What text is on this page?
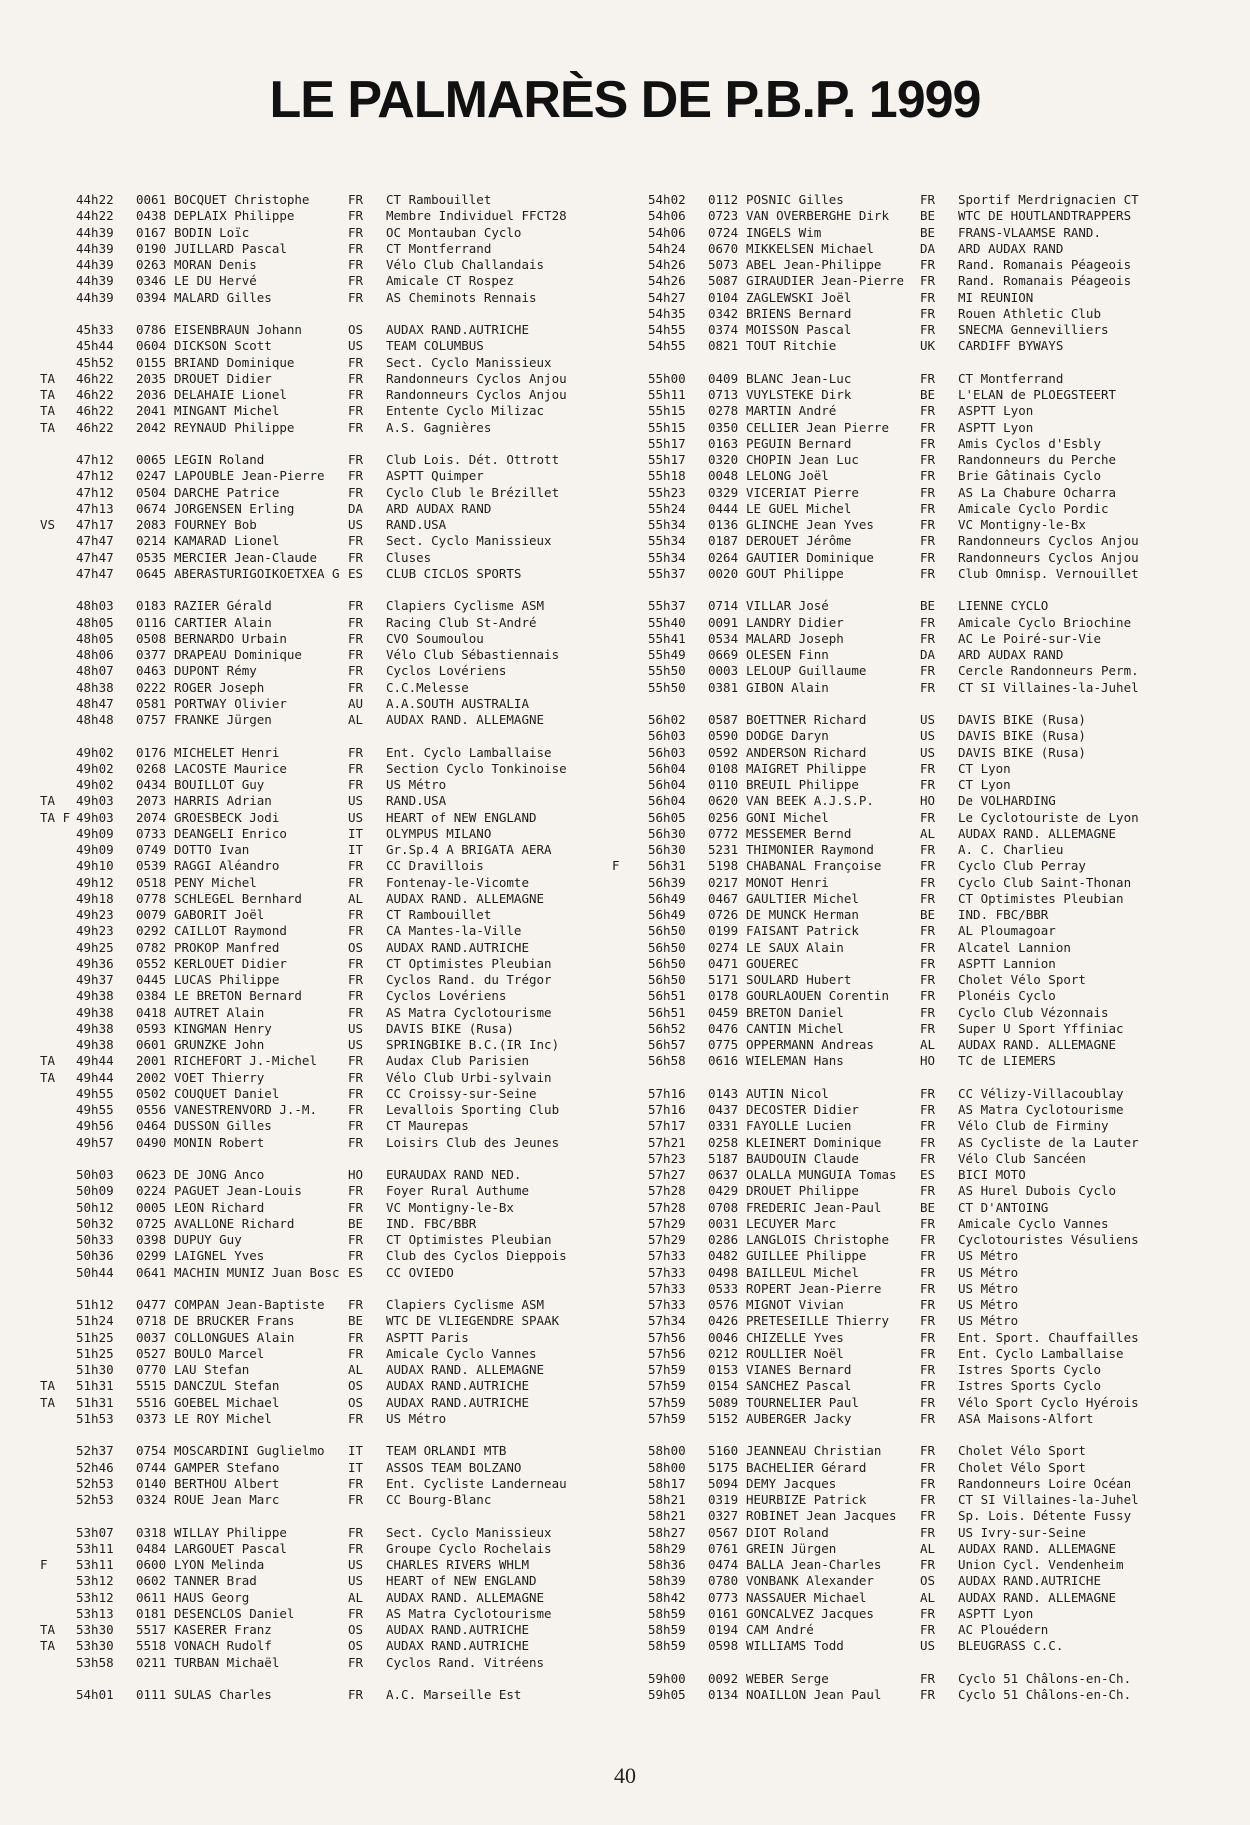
LE PALMARÈS DE P.B.P. 1999
44h22 0061 BOCQUET Christophe	FR CT Rambouillet
44h22 0438 DEPLAIX Philippe	FR Membre Individuel FFCT28
44h39 0167 BODIN Loïc	FR OC Montauban Cyclo
44h39 0190 JUILLARD Pascal	FR CT Montferrand
44h39 0263 MORAN Denis	FR Vélo Club Challandais
44h39 0346 LE DU Hervé	FR Amicale CT Rospez
44h39 0394 MALARD Gilles	FR AS Cheminots Rennais
45h33 0786 EISENBRAUN Johann	OS AUDAX RAND.AUTRICHE
45h44 0604 DICKSON Scott	US TEAM COLUMBUS
45h52 0155 BRIAND Dominique	FR Sect. Cyclo Manissieux
TA 46h22 2035 DROUET Didier	FR Randonneurs Cyclos Anjou
TA 46h22 2036 DELAHAIE Lionel	FR Randonneurs Cyclos Anjou
TA 46h22 2041 MINGANT Michel	FR Entente Cyclo Milizac
TA 46h22 2042 REYNAUD Philippe	FR A.S. Gagnières
47h12 0065 LEGIN Roland	FR Club Lois. Dét. Ottrott
47h12 0247 LAPOUBLE Jean-Pierre FR ASPTT Quimper
47h12 0504 DARCHE Patrice	FR Cyclo Club le Brézillet
47h13 0674 JORGENSEN Erling	DA ARD AUDAX RAND
VS 47h17 2083 FOURNEY Bob	US RAND.USA
47h47 0214 KAMARAD Lionel	FR Sect. Cyclo Manissieux
47h47 0535 MERCIER Jean-Claude FR Cluses
47h47 0645 ABERASTURIGOIKOETXEA G ES CLUB CICLOS SPORTS
48h03 0183 RAZIER Gérald	FR Clapiers Cyclisme ASM
48h05 0116 CARTIER Alain	FR Racing Club St-André
48h05 0508 BERNARDO Urbain	FR CVO Soumoulou
48h06 0377 DRAPEAU Dominique	FR Vélo Club Sébastiennais
48h07 0463 DUPONT Rémy	FR Cyclos Lovériens
48h38 0222 ROGER Joseph	FR C.C.Melesse
48h47 0581 PORTWAY Olivier	AU A.A.SOUTH AUSTRALIA
48h48 0757 FRANKE Jürgen	AL AUDAX RAND. ALLEMAGNE
49h02 0176 MICHELET Henri	FR Ent. Cyclo Lamballaise
49h02 0268 LACOSTE Maurice	FR Section Cyclo Tonkinoise
49h02 0434 BOUILLOT Guy	FR US Métro
TA 49h03 2073 HARRIS Adrian	US RAND.USA
TA F 49h03 2074 GROESBECK Jodi	US HEART of NEW ENGLAND
49h09 0733 DEANGELI Enrico	IT OLYMPUS MILANO
49h09 0749 DOTTO Ivan	IT Gr.Sp.4 A BRIGATA AERA
49h10 0539 RAGGI Aléandro	FR CC Dravillois
49h12 0518 PENY Michel	FR Fontenay-le-Vicomte
49h18 0778 SCHLEGEL Bernhard	AL AUDAX RAND. ALLEMAGNE
49h23 0079 GABORIT Joël	FR CT Rambouillet
49h23 0292 CAILLOT Raymond	FR CA Mantes-la-Ville
49h25 0782 PROKOP Manfred	OS AUDAX RAND.AUTRICHE
49h36 0552 KERLOUET Didier	FR CT Optimistes Pleubian
49h37 0445 LUCAS Philippe	FR Cyclos Rand. du Trégor
49h38 0384 LE BRETON Bernard	FR Cyclos Lovériens
49h38 0418 AUTRET Alain	FR AS Matra Cyclotourisme
49h38 0593 KINGMAN Henry	US DAVIS BIKE (Rusa)
49h38 0601 GRUNZKE John	US SPRINGBIKE B.C.(IR Inc)
TA 49h44 2001 RICHEFORT J.-Michel FR Audax Club Parisien
TA 49h44 2002 VOET Thierry	FR Vélo Club Urbi-sylvain
49h55 0502 COUQUET Daniel	FR CC Croissy-sur-Seine
49h55 0556 VANESTRENVORD J.-M. FR Levallois Sporting Club
49h56 0464 DUSSON Gilles	FR CT Maurepas
49h57 0490 MONIN Robert	FR Loisirs Club des Jeunes
50h03 0623 DE JONG Anco	HO EURAUDAX RAND NED.
50h09 0224 PAGUET Jean-Louis	FR Foyer Rural Authume
50h12 0005 LEON Richard	FR VC Montigny-le-Bx
50h32 0725 AVALLONE Richard	BE IND. FBC/BBR
50h33 0398 DUPUY Guy	FR CT Optimistes Pleubian
50h36 0299 LAIGNEL Yves	FR Club des Cyclos Dieppois
50h44 0641 MACHIN MUNIZ Juan Bosc ES CC OVIEDO
51h12 0477 COMPAN Jean-Baptiste FR Clapiers Cyclisme ASM
51h24 0718 DE BRUCKER Frans	BE WTC DE VLIEGENDRE SPAAK
51h25 0037 COLLONGUES Alain	FR ASPTT Paris
51h25 0527 BOULO Marcel	FR Amicale Cyclo Vannes
51h30 0770 LAU Stefan	AL AUDAX RAND. ALLEMAGNE
TA 51h31 5515 DANCZUL Stefan	OS AUDAX RAND.AUTRICHE
TA 51h31 5516 GOEBEL Michael	OS AUDAX RAND.AUTRICHE
51h53 0373 LE ROY Michel	FR US Métro
52h37 0754 MOSCARDINI Guglielmo IT TEAM ORLANDI MTB
52h46 0744 GAMPER Stefano	IT ASSOS TEAM BOLZANO
52h53 0140 BERTHOU Albert	FR Ent. Cycliste Landerneau
52h53 0324 ROUE Jean Marc	FR CC Bourg-Blanc
53h07 0318 WILLAY Philippe	FR Sect. Cyclo Manissieux
53h11 0484 LARGOUET Pascal	FR Groupe Cyclo Rochelais
F 53h11 0600 LYON Melinda	US CHARLES RIVERS WHLM
53h12 0602 TANNER Brad	US HEART of NEW ENGLAND
53h12 0611 HAUS Georg	AL AUDAX RAND. ALLEMAGNE
53h13 0181 DESENCLOS Daniel	FR AS Matra Cyclotourisme
TA 53h30 5517 KASERER Franz	OS AUDAX RAND.AUTRICHE
TA 53h30 5518 VONACH Rudolf	OS AUDAX RAND.AUTRICHE
53h58 0211 TURBAN Michaël	FR Cyclos Rand. Vitréens
54h01 0111 SULAS Charles	FR A.C. Marseille Est
54h02 0112 POSNIC Gilles	FR Sportif Merdrignacien CT
54h06 0723 VAN OVERBERGHE Dirk BE WTC DE HOUTLANDTRAPPERS
54h06 0724 INGELS Wim	BE FRANS-VLAAMSE RAND.
54h24 0670 MIKKELSEN Michael	DA ARD AUDAX RAND
54h26 5073 ABEL Jean-Philippe	FR Rand. Romanais Péageois
54h26 5087 GIRAUDIER Jean-Pierre FR Rand. Romanais Péageois
54h27 0104 ZAGLEWSKI Joël	FR MI REUNION
54h35 0342 BRIENS Bernard	FR Rouen Athletic Club
54h55 0374 MOISSON Pascal	FR SNECMA Gennevilliers
54h55 0821 TOUT Ritchie	UK CARDIFF BYWAYS
55h00 0409 BLANC Jean-Luc	FR CT Montferrand
55h11 0713 VUYLSTEKE Dirk	BE L'ELAN de PLOEGSTEERT
55h15 0278 MARTIN André	FR ASPTT Lyon
55h15 0350 CELLIER Jean Pierre FR ASPTT Lyon
55h17 0163 PEGUIN Bernard	FR Amis Cyclos d'Esbly
55h17 0320 CHOPIN Jean Luc	FR Randonneurs du Perche
55h18 0048 LELONG Joël	FR Brie Gâtinais Cyclo
55h23 0329 VICERIAT Pierre	FR AS La Chabure Ocharra
55h24 0444 LE GUEL Michel	FR Amicale Cyclo Pordic
55h34 0136 GLINCHE Jean Yves	FR VC Montigny-le-Bx
55h34 0187 DEROUET Jérôme	FR Randonneurs Cyclos Anjou
55h34 0264 GAUTIER Dominique	FR Randonneurs Cyclos Anjou
55h37 0020 GOUT Philippe	FR Club Omnisp. Vernouillet
55h37 0714 VILLAR José	BE LIENNE CYCLO
55h40 0091 LANDRY Didier	FR Amicale Cyclo Briochine
55h41 0534 MALARD Joseph	FR AC Le Poiré-sur-Vie
55h49 0669 OLESEN Finn	DA ARD AUDAX RAND
55h50 0003 LELOUP Guillaume	FR Cercle Randonneurs Perm.
55h50 0381 GIBON Alain	FR CT SI Villaines-la-Juhel
56h02 0587 BOETTNER Richard	US DAVIS BIKE (Rusa)
56h03 0590 DODGE Daryn	US DAVIS BIKE (Rusa)
56h03 0592 ANDERSON Richard	US DAVIS BIKE (Rusa)
56h04 0108 MAIGRET Philippe	FR CT Lyon
56h04 0110 BREUIL Philippe	FR CT Lyon
56h04 0620 VAN BEEK A.J.S.P.	HO De VOLHARDING
56h05 0256 GONI Michel	FR Le Cyclotouriste de Lyon
56h30 0772 MESSEMER Bernd	AL AUDAX RAND. ALLEMAGNE
56h30 5231 THIMONIER Raymond	FR A. C. Charlieu
F 56h31 5198 CHABANAL Françoise	FR Cyclo Club Perray
56h39 0217 MONOT Henri	FR Cyclo Club Saint-Thonan
56h49 0467 GAULTIER Michel	FR CT Optimistes Pleubian
56h49 0726 DE MUNCK Herman	BE IND. FBC/BBR
56h50 0199 FAISANT Patrick	FR AL Ploumagoar
56h50 0274 LE SAUX Alain	FR Alcatel Lannion
56h50 0471 GOUEREC	FR ASPTT Lannion
56h50 5171 SOULARD Hubert	FR Cholet Vélo Sport
56h51 0178 GOURLAOUEN Corentin FR Plonéis Cyclo
56h51 0459 BRETON Daniel	FR Cyclo Club Vézonnais
56h52 0476 CANTIN Michel	FR Super U Sport Yffiniac
56h57 0775 OPPERMANN Andreas	AL AUDAX RAND. ALLEMAGNE
56h58 0616 WIELEMAN Hans	HO TC de LIEMERS
57h16 0143 AUTIN Nicol	FR CC Vélizy-Villacoublay
57h16 0437 DECOSTER Didier	FR AS Matra Cyclotourisme
57h17 0331 FAYOLLE Lucien	FR Vélo Club de Firminy
57h21 0258 KLEINERT Dominique	FR AS Cycliste de la Lauter
57h23 5187 BAUDOUIN Claude	FR Vélo Club Sancéen
57h27 0637 OLALLA MUNGUIA Tomas ES BICI MOTO
57h28 0429 DROUET Philippe	FR AS Hurel Dubois Cyclo
57h28 0708 FREDERIC Jean-Paul	BE CT D'ANTOING
57h29 0031 LECUYER Marc	FR Amicale Cyclo Vannes
57h29 0286 LANGLOIS Christophe FR Cyclotouristes Vésuliens
57h33 0482 GUILLEE Philippe	FR US Métro
57h33 0498 BAILLEUL Michel	FR US Métro
57h33 0533 ROPERT Jean-Pierre	FR US Métro
57h33 0576 MIGNOT Vivian	FR US Métro
57h34 0426 PRETESEILLE Thierry FR US Métro
57h56 0046 CHIZELLE Yves	FR Ent. Sport. Chauffailles
57h56 0212 ROULLIER Noël	FR Ent. Cyclo Lamballaise
57h59 0153 VIANES Bernard	FR Istres Sports Cyclo
57h59 0154 SANCHEZ Pascal	FR Istres Sports Cyclo
57h59 5089 TOURNELIER Paul	FR Vélo Sport Cyclo Hyérois
57h59 5152 AUBERGER Jacky	FR ASA Maisons-Alfort
58h00 5160 JEANNEAU Christian	FR Cholet Vélo Sport
58h00 5175 BACHELIER Gérard	FR Cholet Vélo Sport
58h17 5094 DEMY Jacques	FR Randonneurs Loire Océan
58h21 0319 HEURBIZE Patrick	FR CT SI Villaines-la-Juhel
58h21 0327 ROBINET Jean Jacques FR Sp. Lois. Détente Fussy
58h27 0567 DIOT Roland	FR US Ivry-sur-Seine
58h29 0761 GREIN Jürgen	AL AUDAX RAND. ALLEMAGNE
58h36 0474 BALLA Jean-Charles	FR Union Cycl. Vendenheim
58h39 0780 VONBANK Alexander	OS AUDAX RAND.AUTRICHE
58h42 0773 NASSAUER Michael	AL AUDAX RAND. ALLEMAGNE
58h59 0161 GONCALVEZ Jacques	FR ASPTT Lyon
58h59 0194 CAM André	FR AC Plouédern
58h59 0598 WILLIAMS Todd	US BLEUGRASS C.C.
59h00 0092 WEBER Serge	FR Cyclo 51 Châlons-en-Ch.
59h05 0134 NOAILLON Jean Paul	FR Cyclo 51 Châlons-en-Ch.
40
